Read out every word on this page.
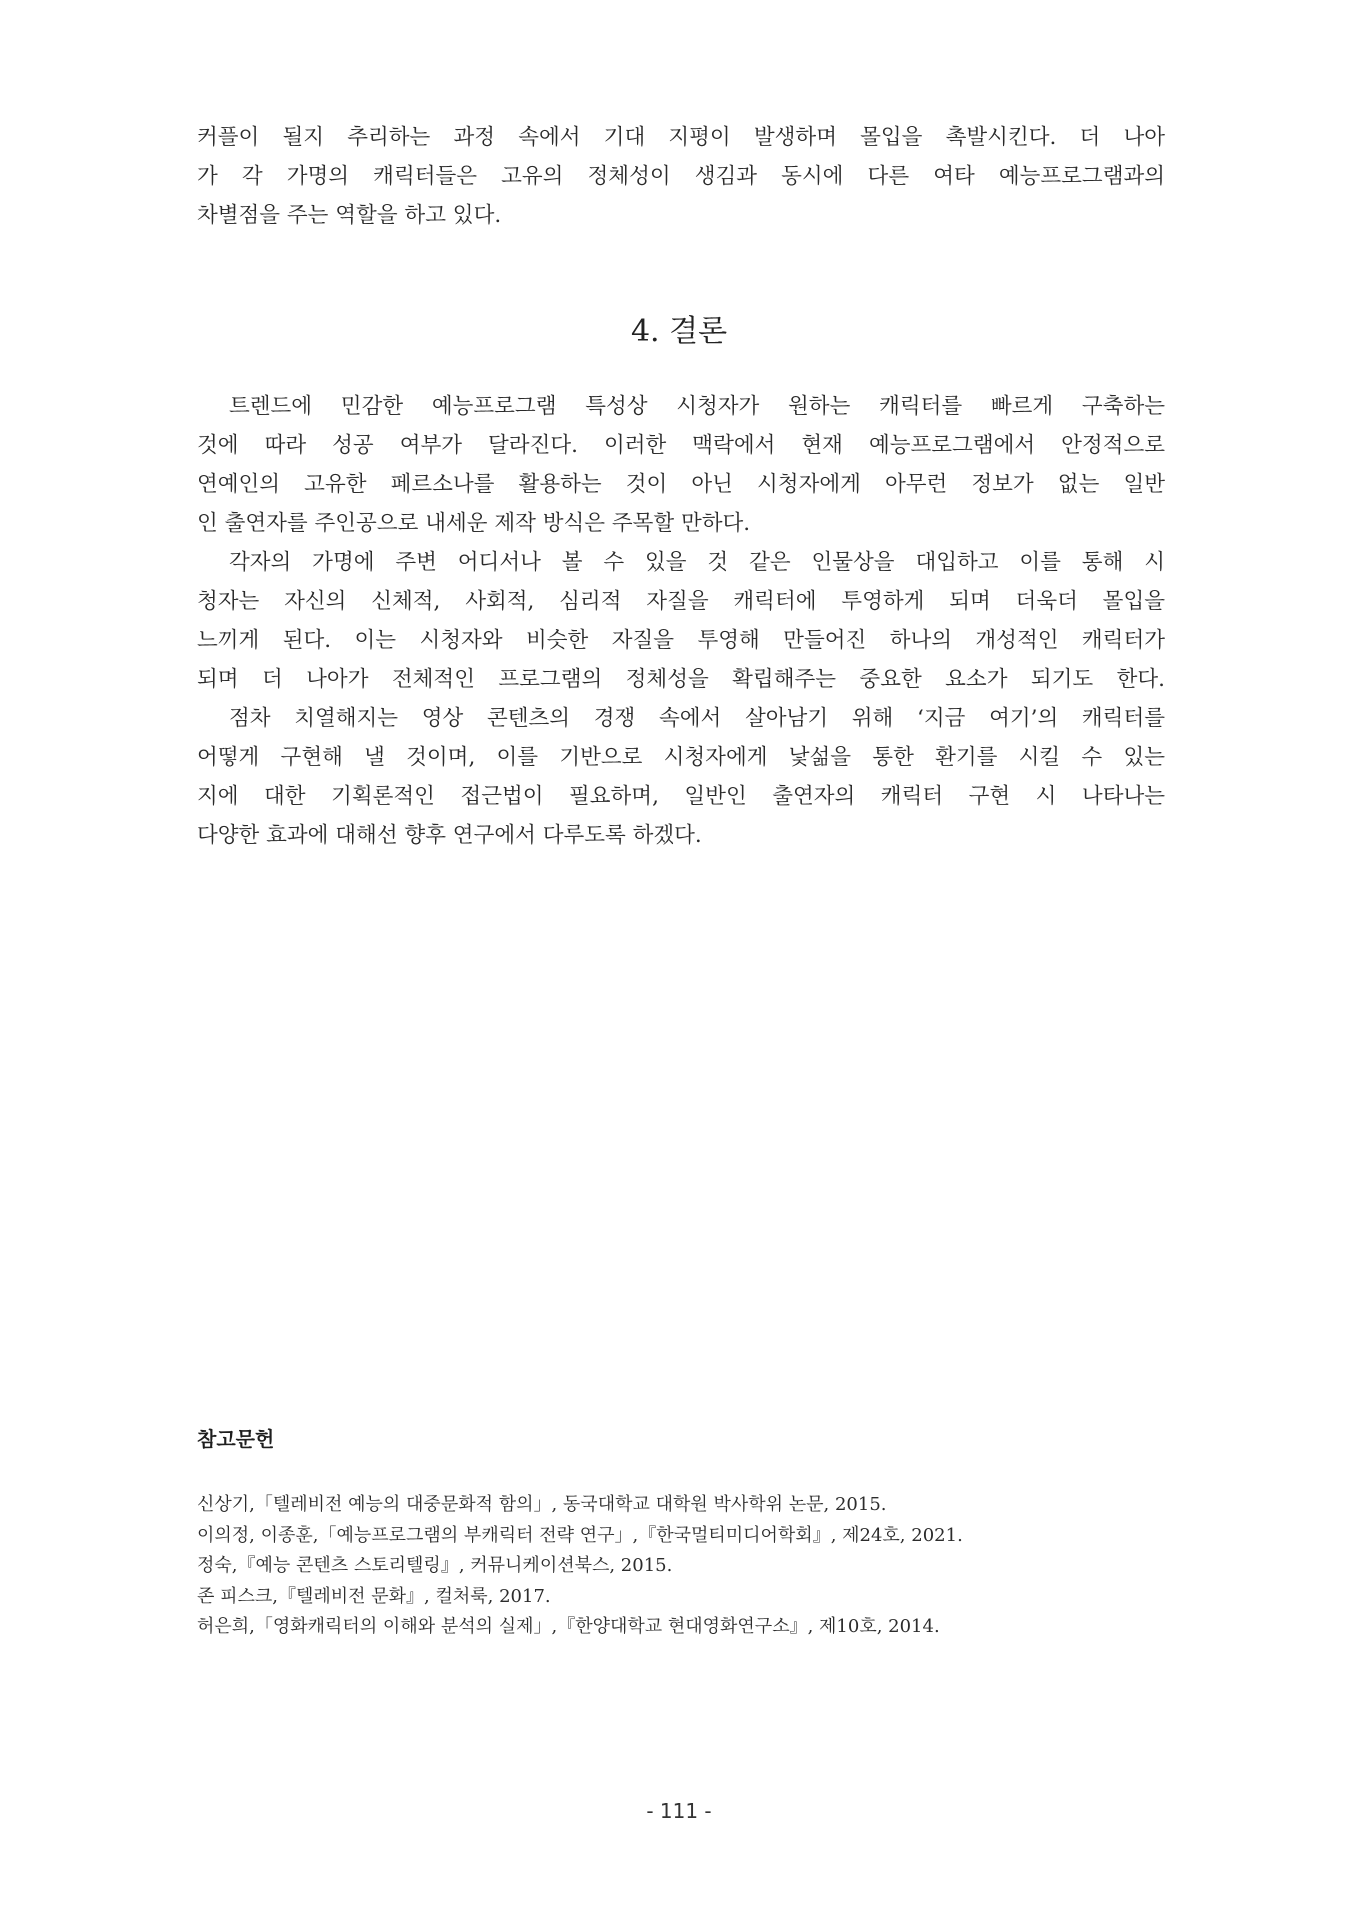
커플이 될지 추리하는 과정 속에서 기대 지평이 발생하며 몰입을 촉발시킨다. 더 나아
가 각 가명의 캐릭터들은 고유의 정체성이 생김과 동시에 다른 여타 예능프로그램과의
차별점을 주는 역할을 하고 있다.
4. 결론
트렌드에 민감한 예능프로그램 특성상 시청자가 원하는 캐릭터를 빠르게 구축하는
것에 따라 성공 여부가 달라진다. 이러한 맥락에서 현재 예능프로그램에서 안정적으로
연예인의 고유한 페르소나를 활용하는 것이 아닌 시청자에게 아무런 정보가 없는 일반
인 출연자를 주인공으로 내세운 제작 방식은 주목할 만하다.
각자의 가명에 주변 어디서나 볼 수 있을 것 같은 인물상을 대입하고 이를 통해 시
청자는 자신의 신체적, 사회적, 심리적 자질을 캐릭터에 투영하게 되며 더욱더 몰입을
느끼게 된다. 이는 시청자와 비슷한 자질을 투영해 만들어진 하나의 개성적인 캐릭터가
되며 더 나아가 전체적인 프로그램의 정체성을 확립해주는 중요한 요소가 되기도 한다.
점차 치열해지는 영상 콘텐츠의 경쟁 속에서 살아남기 위해 ‘지금 여기’의 캐릭터를
어떻게 구현해 낼 것이며, 이를 기반으로 시청자에게 낯섦을 통한 환기를 시킬 수 있는
지에 대한 기획론적인 접근법이 필요하며, 일반인 출연자의 캐릭터 구현 시 나타나는
다양한 효과에 대해선 향후 연구에서 다루도록 하겠다.
참고문헌
신상기,「텔레비전 예능의 대중문화적 함의」, 동국대학교 대학원 박사학위 논문, 2015.
이의정, 이종훈,「예능프로그램의 부캐릭터 전략 연구」,『한국멀티미디어학회』, 제24호, 2021.
정숙,『예능 콘텐츠 스토리텔링』, 커뮤니케이션북스, 2015.
존 피스크,『텔레비전 문화』, 컬처룩, 2017.
허은희,「영화캐릭터의 이해와 분석의 실제」,『한양대학교 현대영화연구소』, 제10호, 2014.
- 111 -
